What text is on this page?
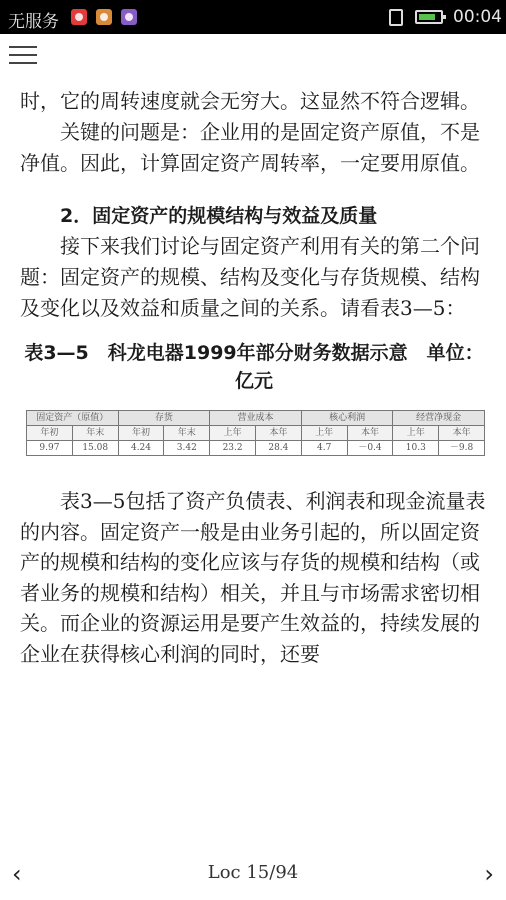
无服务	00:04

时，它的周转速度就会无穷大。这显然不符合逻辑。

关键的问题是：企业用的是固定资产原值，不是净值。因此，计算固定资产周转率，一定要用原值。

2．固定资产的规模结构与效益及质量

接下来我们讨论与固定资产利用有关的第二个问题：固定资产的规模、结构及变化与存货规模、结构及变化以及效益和质量之间的关系。请看表3—5：

表3—5　科龙电器1999年部分财务数据示意　单位：亿元
固定资产（原值）		存货		营业成本		核心利润		经营净现金	
年初	年末	年初	年末	上年	本年	上年	本年	上年	本年
9.97	15.08	4.24	3.42	23.2	28.4	4.7	－0.4	10.3	－9.8

表3—5包括了资产负债表、利润表和现金流量表的内容。固定资产一般是由业务引起的，所以固定资产的规模和结构的变化应该与存货的规模和结构（或者业务的规模和结构）相关，并且与市场需求密切相关。而企业的资源运用是要产生效益的，持续发展的企业在获得核心利润的同时，还要

‹	Loc 15/94	›
